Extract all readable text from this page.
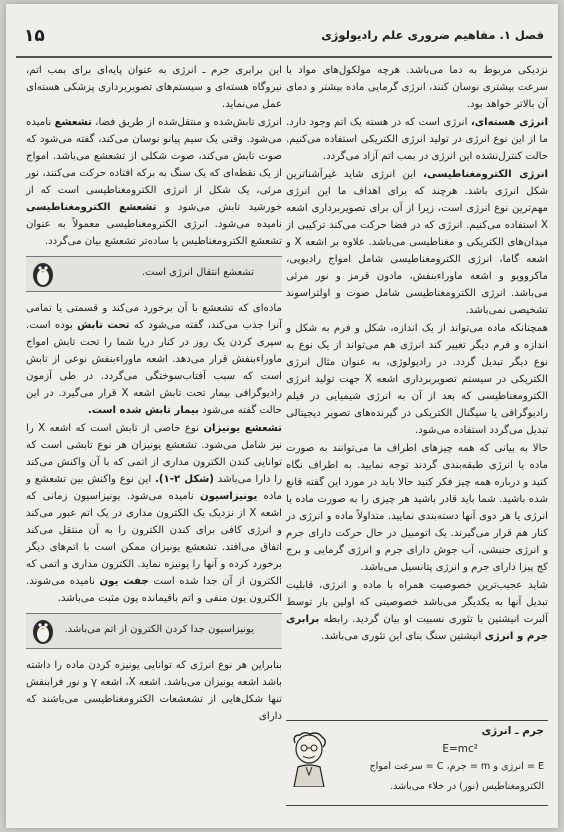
۱۵	فصل ۱. مفاهیم ضروری علم رادیولوژی

نزدیکی مربوط به دما می‌باشد. هرچه مولکول‌های مواد با سرعت بیشتری نوسان کنند، انرژی گرمایی ماده بیشتر و دمای آن بالاتر خواهد بود.

انرژی هسته‌ای، انرژی است که در هسته یک اتم وجود دارد. ما از این نوع انرژی در تولید انرژی الکتریکی استفاده می‌کنیم. حالت کنترل‌نشده این انرژی در بمب اتم آزاد می‌گردد.

انرژی الکترومغناطیسی، این انرژی شاید غیرآشناترین شکل انرژی باشد. هرچند که برای اهداف ما این انرژی مهم‌ترین نوع انرژی است، زیرا از آن برای تصویربرداری اشعه X استفاده می‌کنیم. انرژی که در فضا حرکت می‌کند ترکیبی از میدان‌های الکتریکی و مغناطیسی می‌باشد. علاوه بر اشعه X و اشعه گاما، انرژی الکترومغناطیسی شامل امواج رادیویی، ماکروویو و اشعه ماوراءبنفش، مادون قرمز و نور مرئی می‌باشد. انرژی الکترومغناطیسی شامل صوت و اولتراسوند تشخیصی نمی‌باشد.

همچنانکه ماده می‌تواند از یک اندازه، شکل و فرم به شکل و اندازه و فرم دیگر تغییر کند انرژی هم می‌تواند از یک نوع به نوع دیگر تبدیل گردد. در رادیولوژی، به عنوان مثال انرژی الکتریکی در سیستم تصویربرداری اشعه X جهت تولید انرژی الکترومغناطیسی که بعد از آن به انرژی شیمیایی در فیلم رادیوگرافی یا سیگنال الکتریکی در گیرنده‌های تصویر دیجیتالی تبدیل می‌گردد استفاده می‌شود.

حالا به بیانی که همه چیزهای اطراف ما می‌توانند به صورت ماده یا انرژی طبقه‌بندی گردند توجه نمایید. به اطراف نگاه کنید و درباره همه چیز فکر کنید حالا باید در مورد این گفته قانع شده باشید. شما باید قادر باشید هر چیزی را به صورت ماده یا انرژی یا هر دوی آنها دسته‌بندی نمایید. متداولاً ماده و انرژی در کنار هم قرار می‌گیرند. یک اتومبیل در حال حرکت دارای جرم و انرژی جنبشی، آب جوش دارای جرم و انرژی گرمایی و برج کج پیزا دارای جرم و انرژی پتانسیل می‌باشد.

شاید عجیب‌ترین خصوصیت همراه با ماده و انرژی، قابلیت تبدیل آنها به یکدیگر می‌باشد خصوصیتی که اولین بار توسط آلبرت انیشتین با تئوری نسبیت او بیان گردید. رابطه برابری جرم و انرژی انیشتین سنگ بنای این تئوری می‌باشد.

جرم ـ انرژی
E=mc²
E = انرژی و m = جرم، C = سرعت امواج
الکترومغناطیس (نور) در خلاء می‌باشد.

این برابری جرم ـ انرژی به عنوان پایه‌ای برای بمب اتم، نیروگاه هسته‌ای و سیستم‌های تصویربرداری پزشکی هسته‌ای عمل می‌نماید.

انرژی تابش‌شده و منتقل‌شده از طریق فضا، تشعشع نامیده می‌شود. وقتی یک سیم پیانو نوسان می‌کند، گفته می‌شود که صوت تابش می‌کند، صوت شکلی از تشعشع می‌باشد. امواج از یک نقطه‌ای که یک سنگ به برکه افتاده حرکت می‌کنند، نور مرئی، یک شکل از انرژی الکترومغناطیسی است که از خورشید تابش می‌شود و تشعشع الکترومغناطیسی نامیده می‌شود. انرژی الکترومغناطیسی معمولاً به عنوان تشعشع الکترومغناطیس یا ساده‌تر تشعشع بیان می‌گردد.

تشعشع انتقال انرژی است.

ماده‌ای که تشعشع با آن برخورد می‌کند و قسمتی یا تمامی آنرا جذب می‌کند، گفته می‌شود که تحت تابش بوده است. سپری کردن یک روز در کنار دریا شما را تحت تابش امواج ماوراءبنفش قرار می‌دهد. اشعه ماوراءبنفش نوعی از تابش است که سبب آفتاب‌سوختگی می‌گردد. در طی آزمون رادیوگرافی بیمار تحت تابش اشعه X قرار می‌گیرد. در این حالت گفته می‌شود بیمار تابش شده است.

تشعشع یونیزان نوع خاصی از تابش است که اشعه X را نیز شامل می‌شود. تشعشع یونیزان هر نوع تابشی است که توانایی کندن الکترون مداری از اتمی که با آن واکنش می‌کند را دارا می‌باشد (شکل ۲-۱). این نوع واکنش بین تشعشع و ماده یونیزاسیون نامیده می‌شود. یونیزاسیون زمانی که اشعه X از نزدیک یک الکترون مداری در یک اتم عبور می‌کند و انرژی کافی برای کندن الکترون را به آن منتقل می‌کند اتفاق می‌افتد. تشعشع یونیزان ممکن است با اتم‌های دیگر برخورد کرده و آنها را یونیزه نماید. الکترون مداری و اتمی که الکترون از آن جدا شده است جفت یون نامیده می‌شوند. الکترون یون منفی و اتم باقیمانده یون مثبت می‌باشد.

یونیزاسیون جدا کردن الکترون از اتم می‌باشد.

بنابراین هر نوع انرژی که توانایی یونیزه کردن ماده را داشته باشد اشعه یونیزان می‌باشد. اشعه X، اشعه γ و نور فرابنفش تنها شکل‌هایی از تشعشعات الکترومغناطیسی می‌باشند که دارای
